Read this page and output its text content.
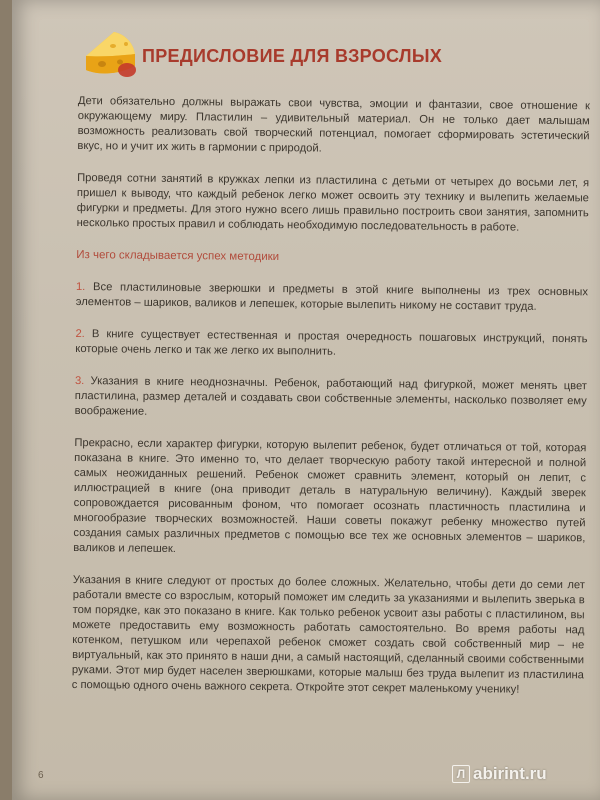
ПРЕДИСЛОВИЕ ДЛЯ ВЗРОСЛЫХ

Дети обязательно должны выражать свои чувства, эмоции и фантазии, свое отношение к окружающему миру. Пластилин – удивительный материал. Он не только дает малышам возможность реализовать свой творческий потенциал, помогает сформировать эстетический вкус, но и учит их жить в гармонии с природой.

Проведя сотни занятий в кружках лепки из пластилина с детьми от четырех до восьми лет, я пришел к выводу, что каждый ребенок легко может освоить эту технику и вылепить желаемые фигурки и предметы. Для этого нужно всего лишь правильно построить свои занятия, запомнить несколько простых правил и соблюдать необходимую последовательность в работе.

Из чего складывается успех методики

1. Все пластилиновые зверюшки и предметы в этой книге выполнены из трех основных элементов – шариков, валиков и лепешек, которые вылепить никому не составит труда.

2. В книге существует естественная и простая очередность пошаговых инструкций, понять которые очень легко и так же легко их выполнить.

3. Указания в книге неоднозначны. Ребенок, работающий над фигуркой, может менять цвет пластилина, размер деталей и создавать свои собственные элементы, насколько позволяет ему воображение.

Прекрасно, если характер фигурки, которую вылепит ребенок, будет отличаться от той, которая показана в книге. Это именно то, что делает творческую работу такой интересной и полной самых неожиданных решений. Ребенок сможет сравнить элемент, который он лепит, с иллюстрацией в книге (она приводит деталь в натуральную величину). Каждый зверек сопровождается рисованным фоном, что помогает осознать пластичность пластилина и многообразие творческих возможностей. Наши советы покажут ребенку множество путей создания самых различных предметов с помощью все тех же основных элементов – шариков, валиков и лепешек.

Указания в книге следуют от простых до более сложных. Желательно, чтобы дети до семи лет работали вместе со взрослым, который поможет им следить за указаниями и вылепить зверька в том порядке, как это показано в книге. Как только ребенок усвоит азы работы с пластилином, вы можете предоставить ему возможность работать самостоятельно. Во время работы над котенком, петушком или черепахой ребенок сможет создать свой собственный мир – не виртуальный, как это принято в наши дни, а самый настоящий, сделанный своими собственными руками. Этот мир будет населен зверюшками, которые малыш без труда вылепит из пластилина с помощью одного очень важного секрета. Откройте этот секрет маленькому ученику!

6	Л abirint.ru
